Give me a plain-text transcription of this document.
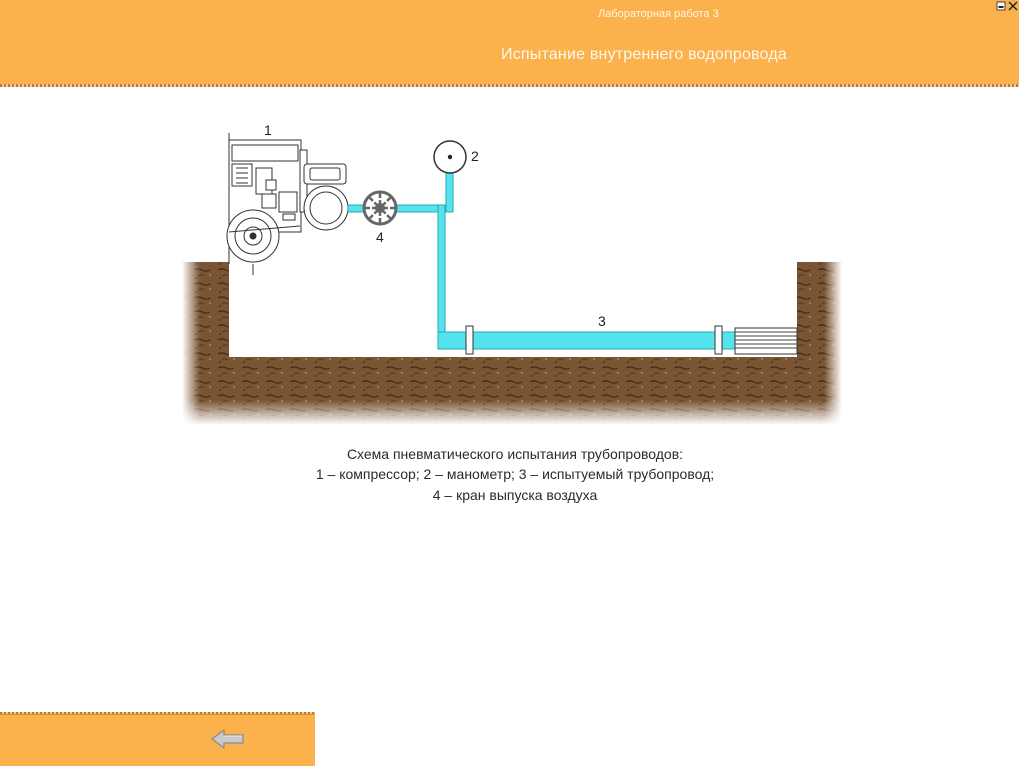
Лабораторная работа 3
Испытание внутреннего водопровода
1
2
3
4
Схема пневматического испытания трубопроводов:
1 – компрессор; 2 – манометр; 3 – испытуемый трубопровод;
4 – кран выпуска воздуха
